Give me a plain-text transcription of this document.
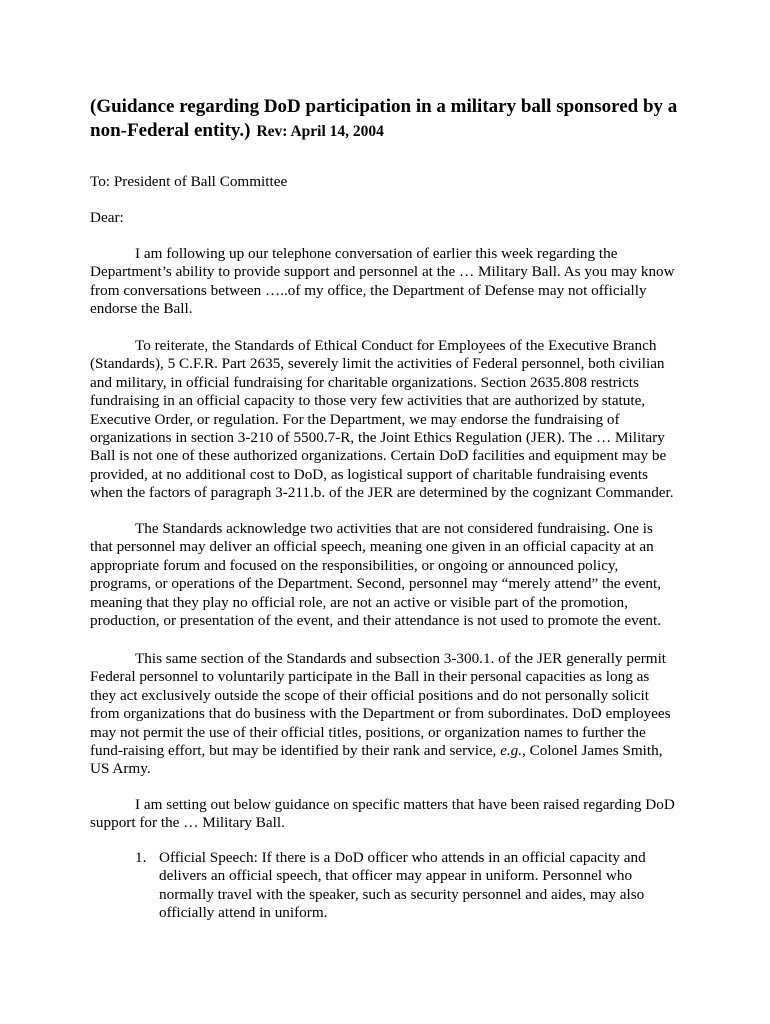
(Guidance regarding DoD participation in a military ball sponsored by a non-Federal entity.) Rev: April 14, 2004

To: President of Ball Committee

Dear:

I am following up our telephone conversation of earlier this week regarding the Department’s ability to provide support and personnel at the … Military Ball. As you may know from conversations between …..of my office, the Department of Defense may not officially endorse the Ball.

To reiterate, the Standards of Ethical Conduct for Employees of the Executive Branch (Standards), 5 C.F.R. Part 2635, severely limit the activities of Federal personnel, both civilian and military, in official fundraising for charitable organizations. Section 2635.808 restricts fundraising in an official capacity to those very few activities that are authorized by statute, Executive Order, or regulation. For the Department, we may endorse the fundraising of organizations in section 3-210 of 5500.7-R, the Joint Ethics Regulation (JER). The … Military Ball is not one of these authorized organizations. Certain DoD facilities and equipment may be provided, at no additional cost to DoD, as logistical support of charitable fundraising events when the factors of paragraph 3-211.b. of the JER are determined by the cognizant Commander.

The Standards acknowledge two activities that are not considered fundraising. One is that personnel may deliver an official speech, meaning one given in an official capacity at an appropriate forum and focused on the responsibilities, or ongoing or announced policy, programs, or operations of the Department. Second, personnel may “merely attend” the event, meaning that they play no official role, are not an active or visible part of the promotion, production, or presentation of the event, and their attendance is not used to promote the event.

This same section of the Standards and subsection 3-300.1. of the JER generally permit Federal personnel to voluntarily participate in the Ball in their personal capacities as long as they act exclusively outside the scope of their official positions and do not personally solicit from organizations that do business with the Department or from subordinates. DoD employees may not permit the use of their official titles, positions, or organization names to further the fund-raising effort, but may be identified by their rank and service, e.g., Colonel James Smith, US Army.

I am setting out below guidance on specific matters that have been raised regarding DoD support for the … Military Ball.

1. Official Speech: If there is a DoD officer who attends in an official capacity and delivers an official speech, that officer may appear in uniform. Personnel who normally travel with the speaker, such as security personnel and aides, may also officially attend in uniform.
